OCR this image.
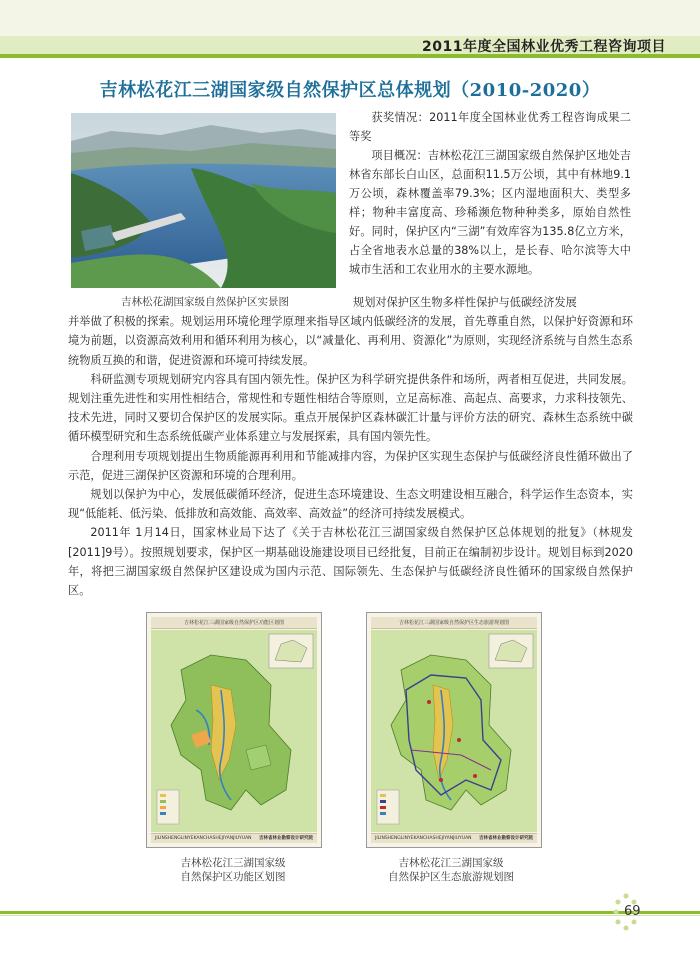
2011年度全国林业优秀工程咨询项目
吉林松花江三湖国家级自然保护区总体规划（2010-2020）
吉林松花湖国家级自然保护区实景图

获奖情况：2011年度全国林业优秀工程咨询成果二等奖

项目概况：吉林松花江三湖国家级自然保护区地处吉林省东部长白山区，总面积11.5万公顷，其中有林地9.1万公顷，森林覆盖率79.3%；区内湿地面积大、类型多样；物种丰富度高、珍稀濒危物种种类多，原始自然性好。同时，保护区内“三湖”有效库容为135.8亿立方米，占全省地表水总量的38%以上，是长春、哈尔滨等大中城市生活和工农业用水的主要水源地。

规划对保护区生物多样性保护与低碳经济发展

并举做了积极的探索。规划运用环境伦理学原理来指导区域内低碳经济的发展，首先尊重自然，以保护好资源和环境为前题，以资源高效利用和循环利用为核心，以“减量化、再利用、资源化”为原则，实现经济系统与自然生态系统物质互换的和谐，促进资源和环境可持续发展。

科研监测专项规划研究内容具有国内领先性。保护区为科学研究提供条件和场所，两者相互促进，共同发展。规划注重先进性和实用性相结合，常规性和专题性相结合等原则，立足高标准、高起点、高要求，力求科技领先、技术先进，同时又要切合保护区的发展实际。重点开展保护区森林碳汇计量与评价方法的研究、森林生态系统中碳循环模型研究和生态系统低碳产业体系建立与发展探索，具有国内领先性。

合理利用专项规划提出生物质能源再利用和节能减排内容，为保护区实现生态保护与低碳经济良性循环做出了示范，促进三湖保护区资源和环境的合理利用。

规划以保护为中心，发展低碳循环经济，促进生态环境建设、生态文明建设相互融合，科学运作生态资本，实现“低能耗、低污染、低排放和高效能、高效率、高效益”的经济可持续发展模式。

2011年 1月14日，国家林业局下达了《关于吉林松花江三湖国家级自然保护区总体规划的批复》（林规发[2011]9号）。按照规划要求，保护区一期基础设施建设项目已经批复，目前正在编制初步设计。规划目标到2020年，将把三湖国家级自然保护区建设成为国内示范、国际领先、生态保护与低碳经济良性循环的国家级自然保护区。

吉林松花江三湖国家级自然保护区功能区划图
JILINSHENGLINYEKANCHASHEJIYANJIUYUAN 吉林省林业勘察设计研究院
吉林松花江三湖国家级自然保护区生态旅游规划图
JILINSHENGLINYEKANCHASHEJIYANJIUYUAN 吉林省林业勘察设计研究院
吉林松花江三湖国家级
自然保护区功能区划图
吉林松花江三湖国家级
自然保护区生态旅游规划图
69
